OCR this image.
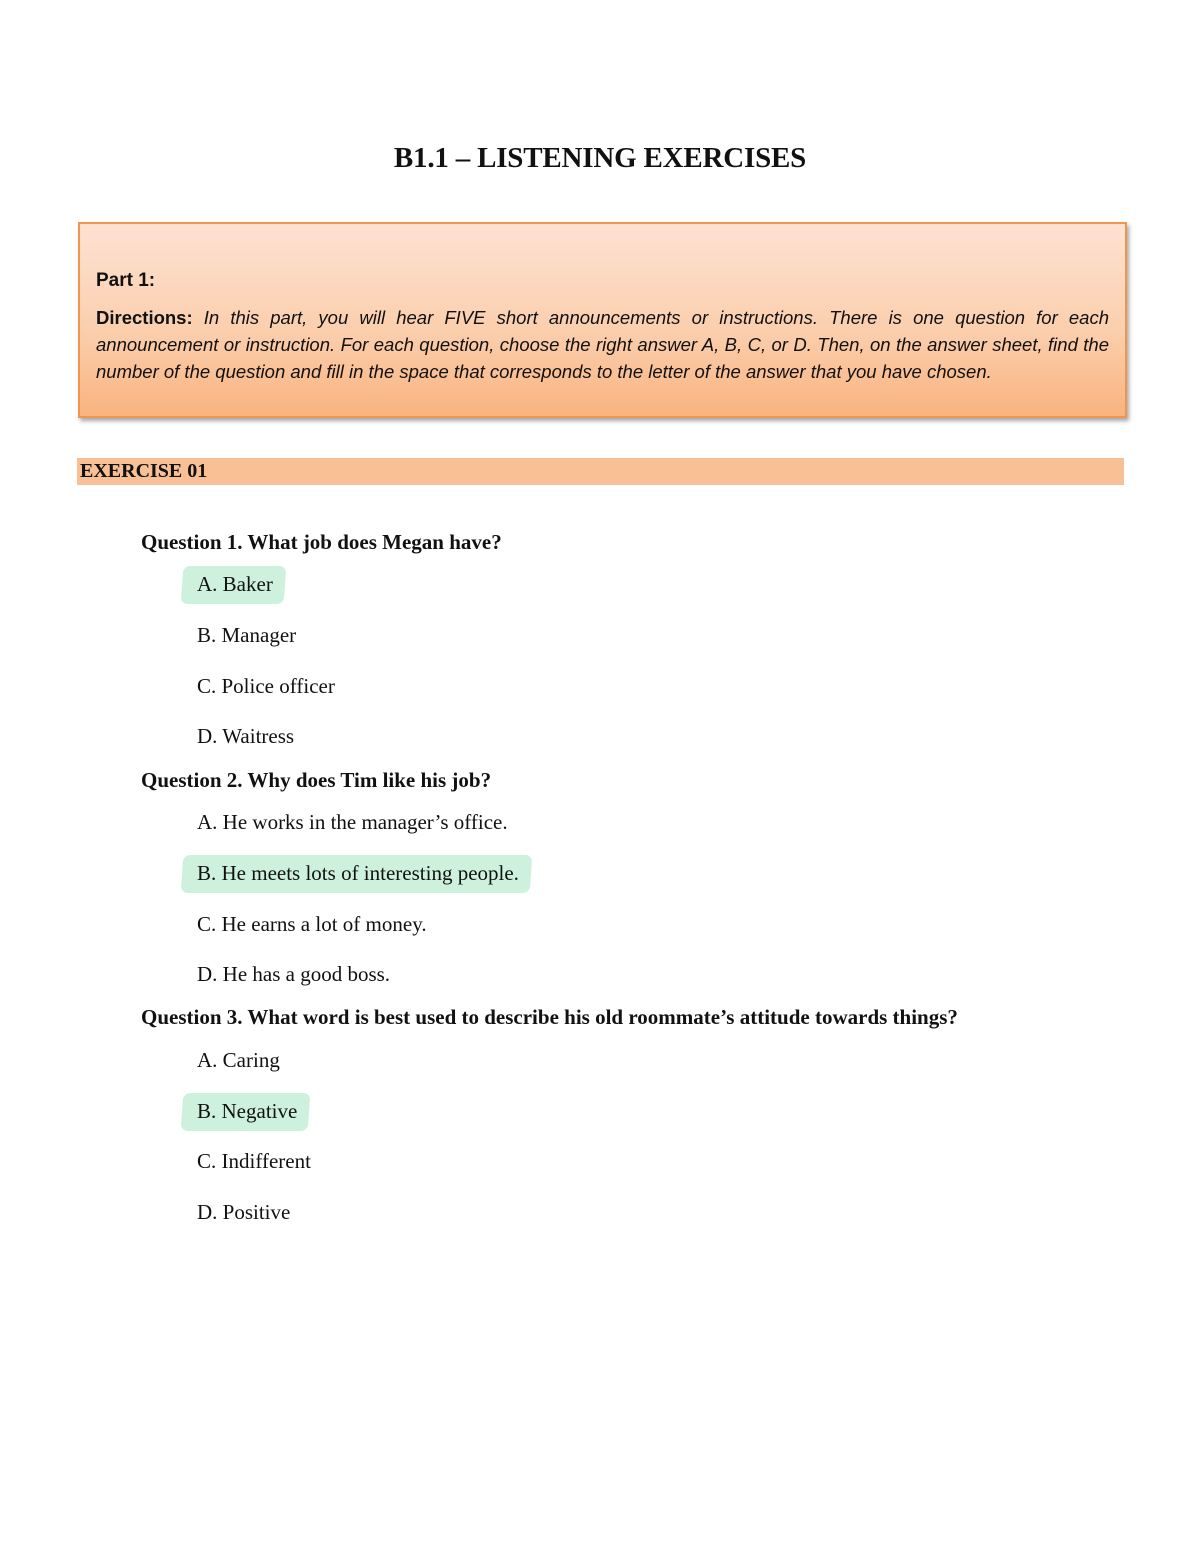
B1.1 – LISTENING EXERCISES

Part 1:

Directions: In this part, you will hear FIVE short announcements or instructions. There is one question for each announcement or instruction. For each question, choose the right answer A, B, C, or D. Then, on the answer sheet, find the number of the question and fill in the space that corresponds to the letter of the answer that you have chosen.

EXERCISE 01
Question 1. What job does Megan have?
A. Baker
B. Manager
C. Police officer
D. Waitress
Question 2. Why does Tim like his job?
A. He works in the manager’s office.
B. He meets lots of interesting people.
C. He earns a lot of money.
D. He has a good boss.
Question 3. What word is best used to describe his old roommate’s attitude towards things?
A. Caring
B. Negative
C. Indifferent
D. Positive
